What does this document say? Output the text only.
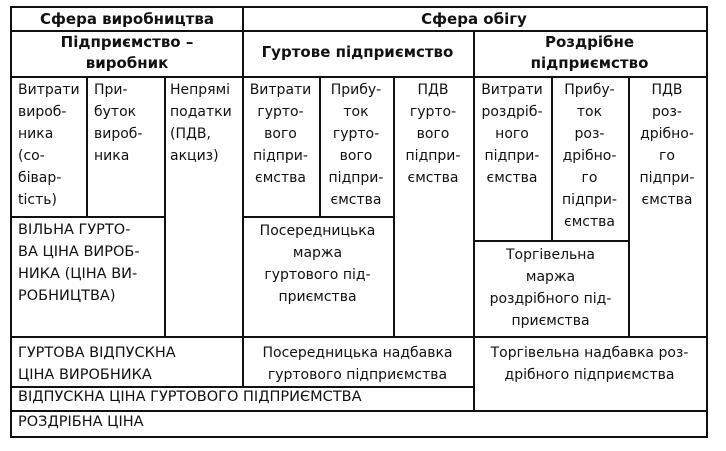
Сфера виробництва	Сфера обігу
Підприємство –
виробник
Гуртове підприємство
Роздрібне
підприємство
Витрати
вироб-
ника
(со-
бівар-
tість)
При-
буток
вироб-
ника
Непрямі
податки
(ПДВ,
акциз)
Витрати
гурто-
вого
підпри-
ємства
Прибу-
ток
гурто-
вого
підпри-
ємства
ПДВ
гурто-
вого
підпри-
ємства
Витрати
роздріб-
ного
підпри-
ємства
Прибу-
ток
роз-
дрібно-
го
підпри-
ємства
ПДВ
роз-
дрібно-
го
підпри-
ємства
ВІЛЬНА ГУРТО-
ВА ЦІНА ВИРОБ-
НИКА (ЦІНА ВИ-
РОБНИЦТВА)
Посередницька
маржа
гуртового під-
приємства
Торгівельна
маржа
роздрібного під-
приємства
ГУРТОВА ВІДПУСКНА
ЦІНА ВИРОБНИКА
Посередницька надбавка
гуртового підприємства
Торгівельна надбавка роз-
дрібного підприємства
ВІДПУСКНА ЦІНА ГУРТОВОГО ПІДПРИЄМСТВА
РОЗДРІБНА ЦІНА
